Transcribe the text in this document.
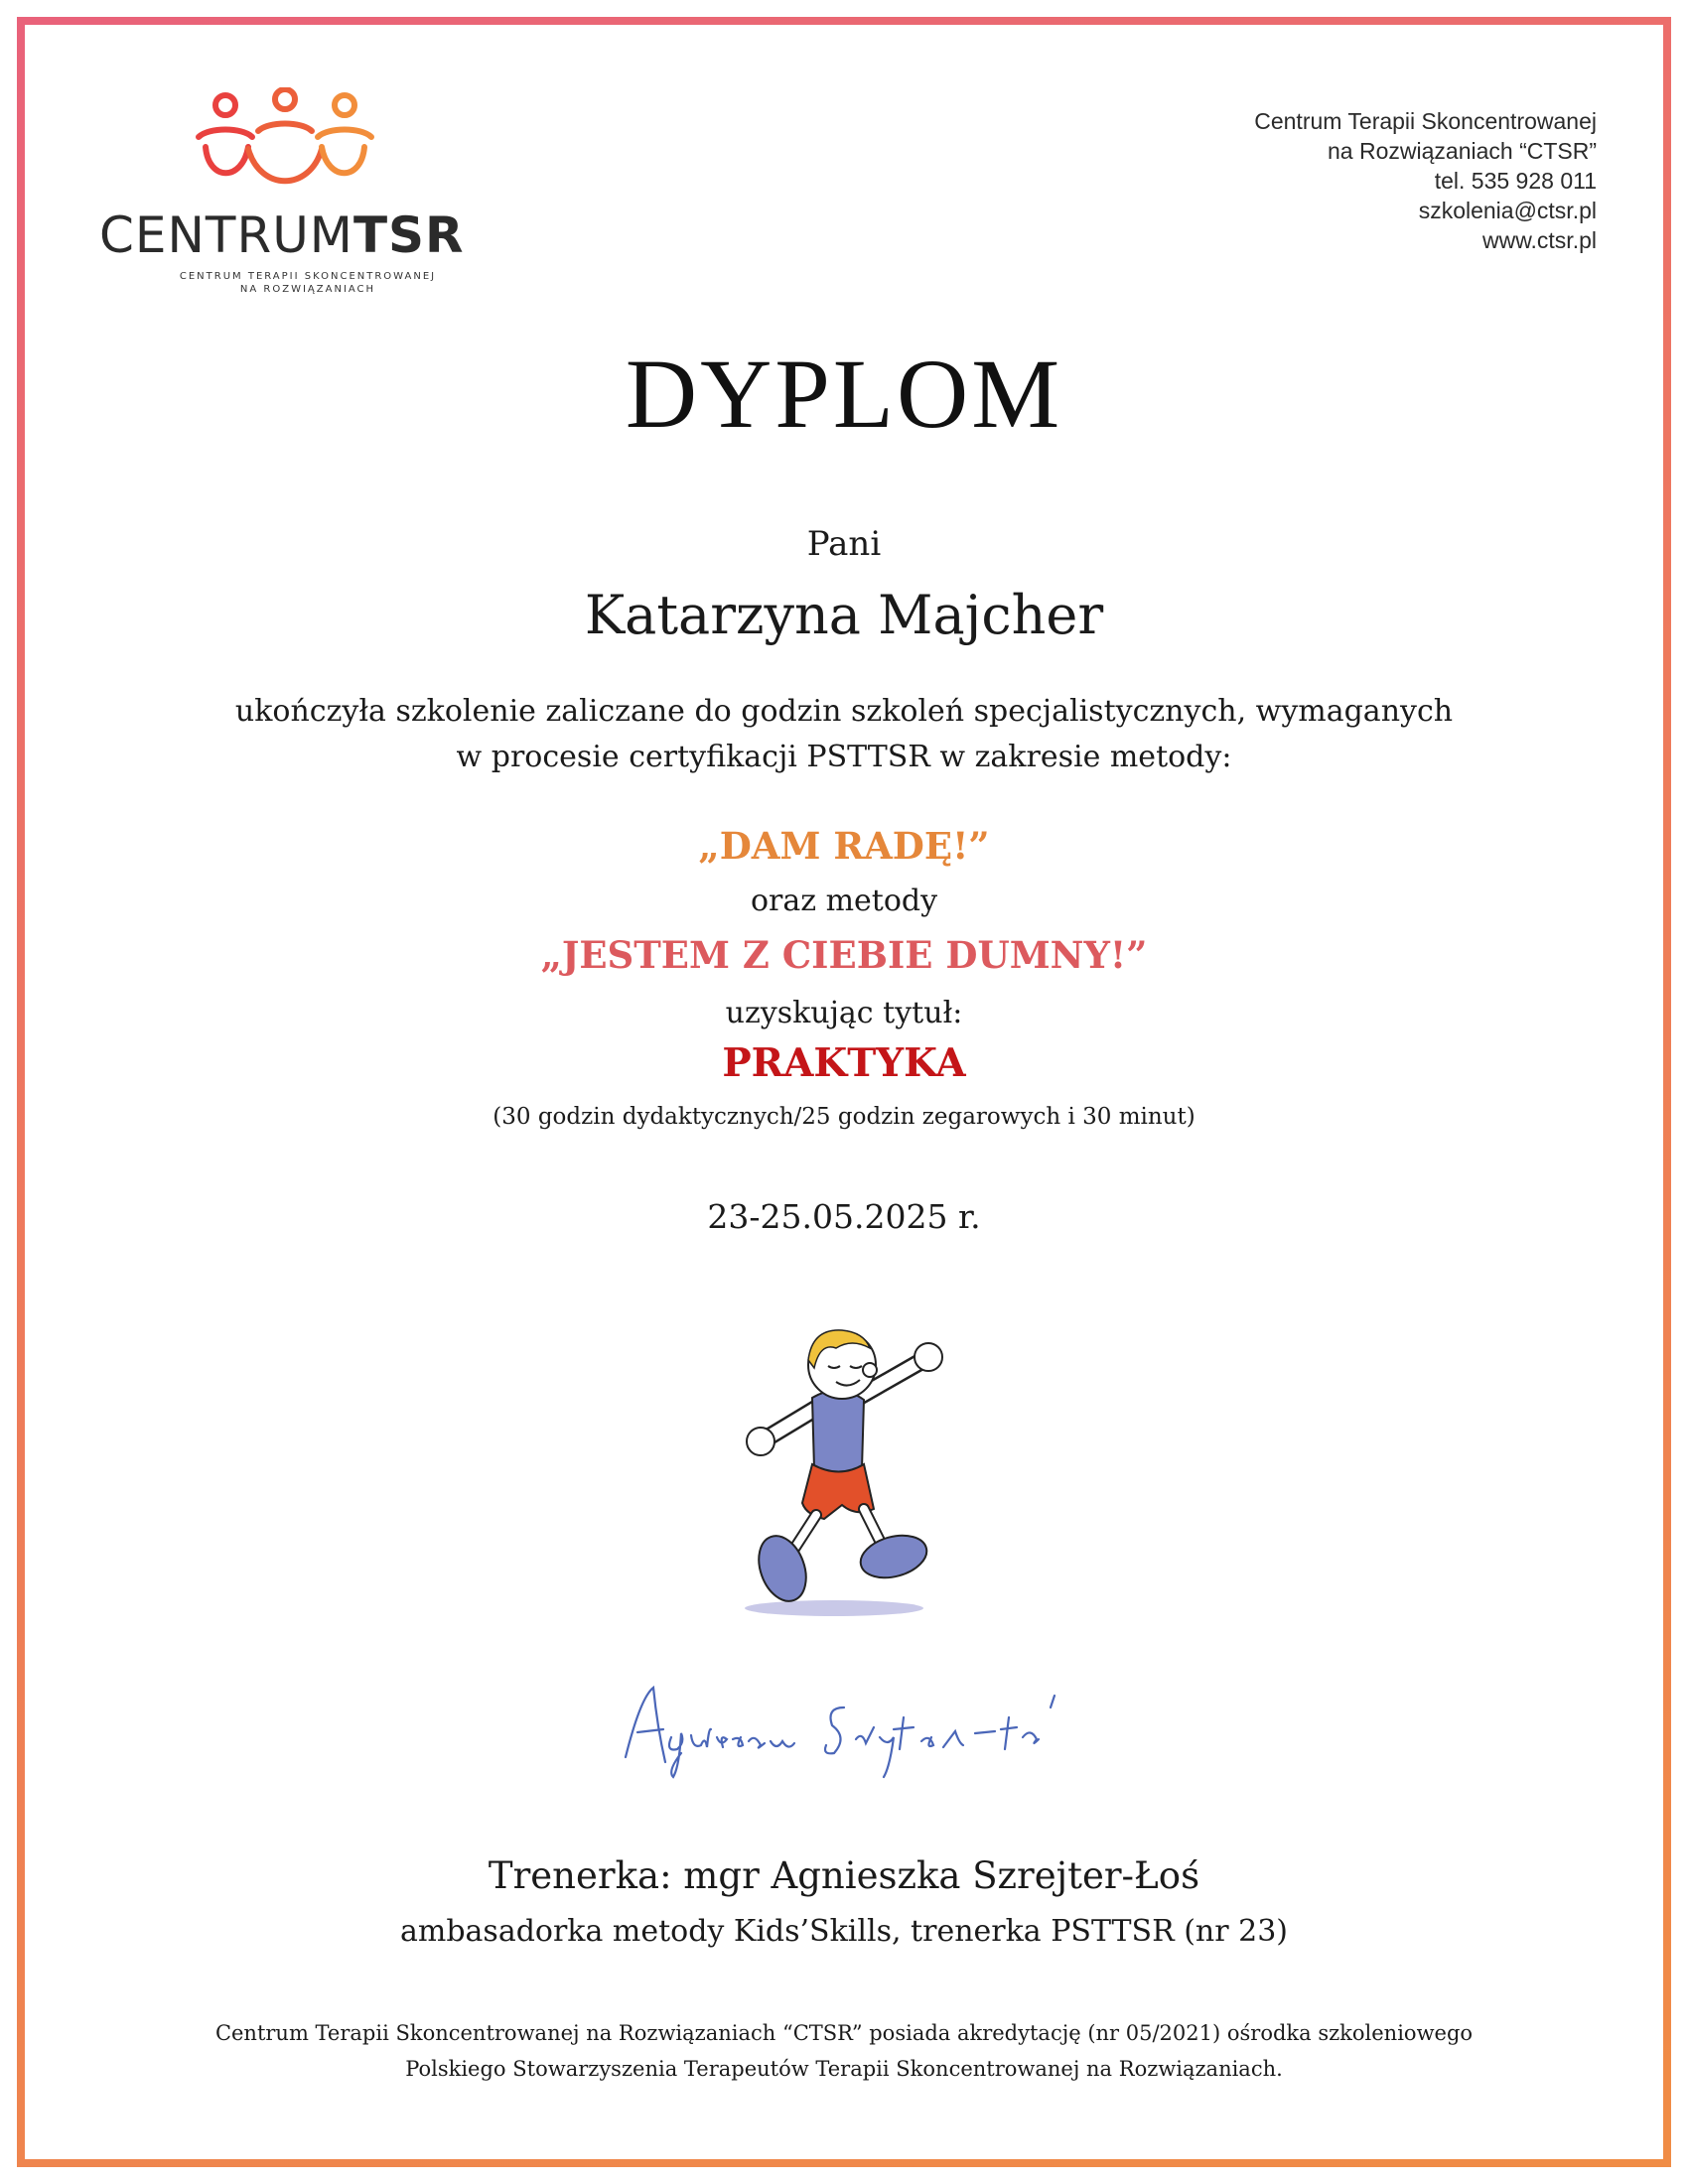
CENTRUMTSR
CENTRUM TERAPII SKONCENTROWANEJ
NA ROZWIĄZANIACH
Centrum Terapii Skoncentrowanej
na Rozwiązaniach “CTSR”
tel. 535 928 011
szkolenia@ctsr.pl
www.ctsr.pl
DYPLOM
Pani
Katarzyna Majcher
ukończyła szkolenie zaliczane do godzin szkoleń specjalistycznych, wymaganych
w procesie certyfikacji PSTTSR w zakresie metody:
„DAM RADĘ!”
oraz metody
„JESTEM Z CIEBIE DUMNY!”
uzyskując tytuł:
PRAKTYKA
(30 godzin dydaktycznych/25 godzin zegarowych i 30 minut)
23-25.05.2025 r.
Trenerka: mgr Agnieszka Szrejter-Łoś
ambasadorka metody Kids’Skills, trenerka PSTTSR (nr 23)
Centrum Terapii Skoncentrowanej na Rozwiązaniach “CTSR” posiada akredytację (nr 05/2021) ośrodka szkoleniowego
Polskiego Stowarzyszenia Terapeutów Terapii Skoncentrowanej na Rozwiązaniach.
